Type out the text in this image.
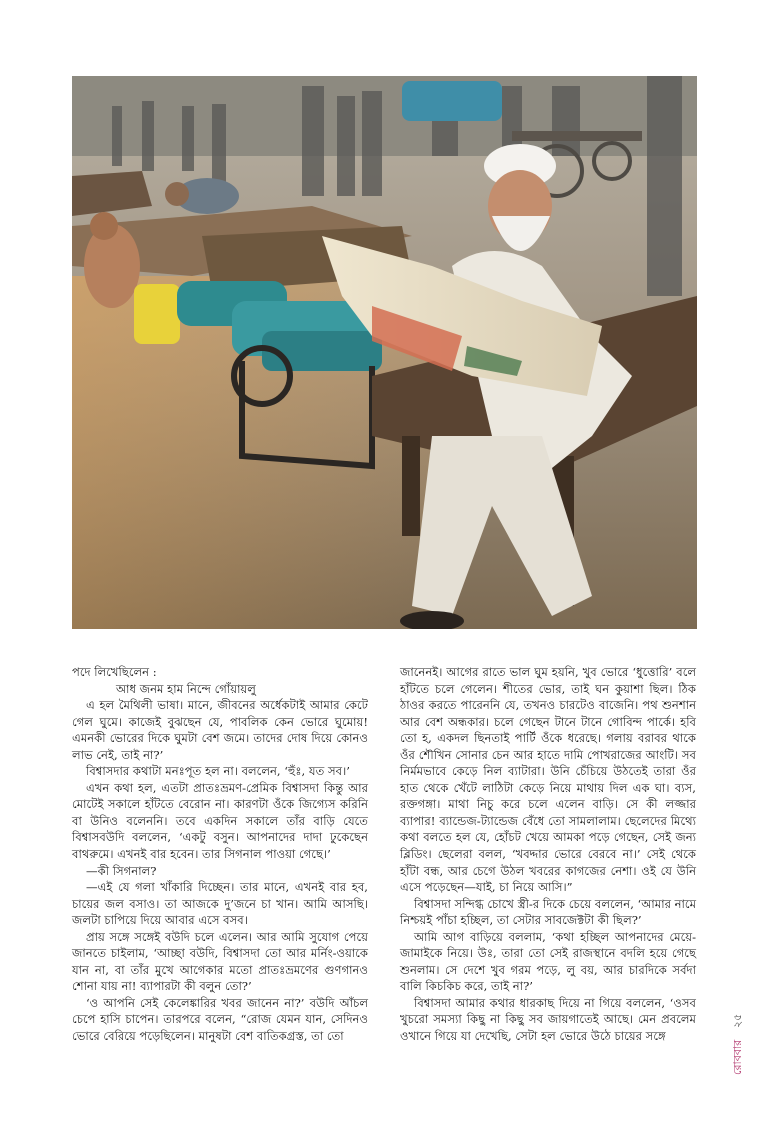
পদে লিখেছিলেন :

আধ জনম হাম নিন্দে গোঁয়ায়লু

এ হল মৈথিলী ভাষা। মানে, জীবনের অর্ধেকটাই আমার কেটে গেল ঘুমে। কাজেই বুঝছেন যে, পাবলিক কেন ভোরে ঘুমোয়! এমনকী ভোরের দিকে ঘুমটা বেশ জমে। তাদের দোষ দিয়ে কোনও লাভ নেই, তাই না?’

বিশ্বাসদার কথাটা মনঃপূত হল না। বললেন, ‘হুঁঃ, যত সব।’

এখন কথা হল, এতটা প্রাতঃভ্রমণ-প্রেমিক বিশ্বাসদা কিন্তু আর মোটেই সকালে হাঁটতে বেরোন না। কারণটা ওঁকে জিগ্যেস করিনি বা উনিও বলেননি। তবে একদিন সকালে তাঁর বাড়ি যেতে বিশ্বাসবউদি বললেন, ‘একটু বসুন। আপনাদের দাদা ঢুকেছেন বাথরুমে। এখনই বার হবেন। তার সিগনাল পাওয়া গেছে।’

—কী সিগনাল?

—এই যে গলা খাঁকারি দিচ্ছেন। তার মানে, এখনই বার হব, চায়ের জল বসাও। তা আজকে দু’জনে চা খান। আমি আসছি। জলটা চাপিয়ে দিয়ে আবার এসে বসব।

প্রায় সঙ্গে সঙ্গেই বউদি চলে এলেন। আর আমি সুযোগ পেয়ে জানতে চাইলাম, ‘আচ্ছা বউদি, বিশ্বাসদা তো আর মর্নিং-ওয়াকে যান না, বা তাঁর মুখে আগেকার মতো প্রাতঃভ্রমণের গুণগানও শোনা যায় না! ব্যাপারটা কী বলুন তো?’

‘ও আপনি সেই কেলেঙ্কারির খবর জানেন না?’ বউদি আঁচল চেপে হাসি চাপেন। তারপরে বলেন, “রোজ যেমন যান, সেদিনও ভোরে বেরিয়ে পড়েছিলেন। মানুষটা বেশ বাতিকগ্রস্ত, তা তো

জানেনই। আগের রাতে ভাল ঘুম হয়নি, খুব ভোরে ‘ধুত্তোরি’ বলে হাঁটতে চলে গেলেন। শীতের ভোর, তাই ঘন কুয়াশা ছিল। ঠিক ঠাওর করতে পারেননি যে, তখনও চারটেও বাজেনি। পথ শুনশান আর বেশ অন্ধকার। চলে গেছেন টানে টানে গোবিন্দ পার্কে। হবি তো হ, একদল ছিনতাই পার্টি ওঁকে ধরেছে। গলায় বরাবর থাকে ওঁর শৌখিন সোনার চেন আর হাতে দামি পোখরাজের আংটি। সব নির্মমভাবে কেড়ে নিল ব্যাটারা। উনি চেঁচিয়ে উঠতেই তারা ওঁর হাত থেকে খেঁটে লাঠিটা কেড়ে নিয়ে মাথায় দিল এক ঘা। ব্যস, রক্তগঙ্গা। মাথা নিচু করে চলে এলেন বাড়ি। সে কী লজ্জার ব্যাপার! ব্যান্ডেজ-ট্যান্ডেজ বেঁধে তো সামলালাম। ছেলেদের মিথ্যে কথা বলতে হল যে, হোঁচট খেয়ে আমকা পড়ে গেছেন, সেই জন্য ব্লিডিং। ছেলেরা বলল, ‘খবদ্দার ভোরে বেরবে না।’ সেই থেকে হাঁটা বন্ধ, আর চেগে উঠল খবরের কাগজের নেশা। ওই যে উনি এসে পড়েছেন—যাই, চা নিয়ে আসি।”

বিশ্বাসদা সন্দিগ্ধ চোখে স্ত্রী-র দিকে চেয়ে বললেন, ‘আমার নামে নিশ্চয়ই পাঁচা হচ্ছিল, তা সেটার সাবজেক্টটা কী ছিল?’

আমি আগ বাড়িয়ে বললাম, ‘কথা হচ্ছিল আপনাদের মেয়ে-জামাইকে নিয়ে। উঃ, তারা তো সেই রাজস্থানে বদলি হয়ে গেছে শুনলাম। সে দেশে খুব গরম পড়ে, লু বয়, আর চারদিকে সর্বদা বালি কিচকিচ করে, তাই না?’

বিশ্বাসদা আমার কথার ধারকাছ দিয়ে না গিয়ে বললেন, ‘ওসব খুচরো সমস্যা কিছু না কিছু সব জায়গাতেই আছে। মেন প্রবলেম ওখানে গিয়ে যা দেখেছি, সেটা হল ভোরে উঠে চায়ের সঙ্গে

রোববার ২৫
